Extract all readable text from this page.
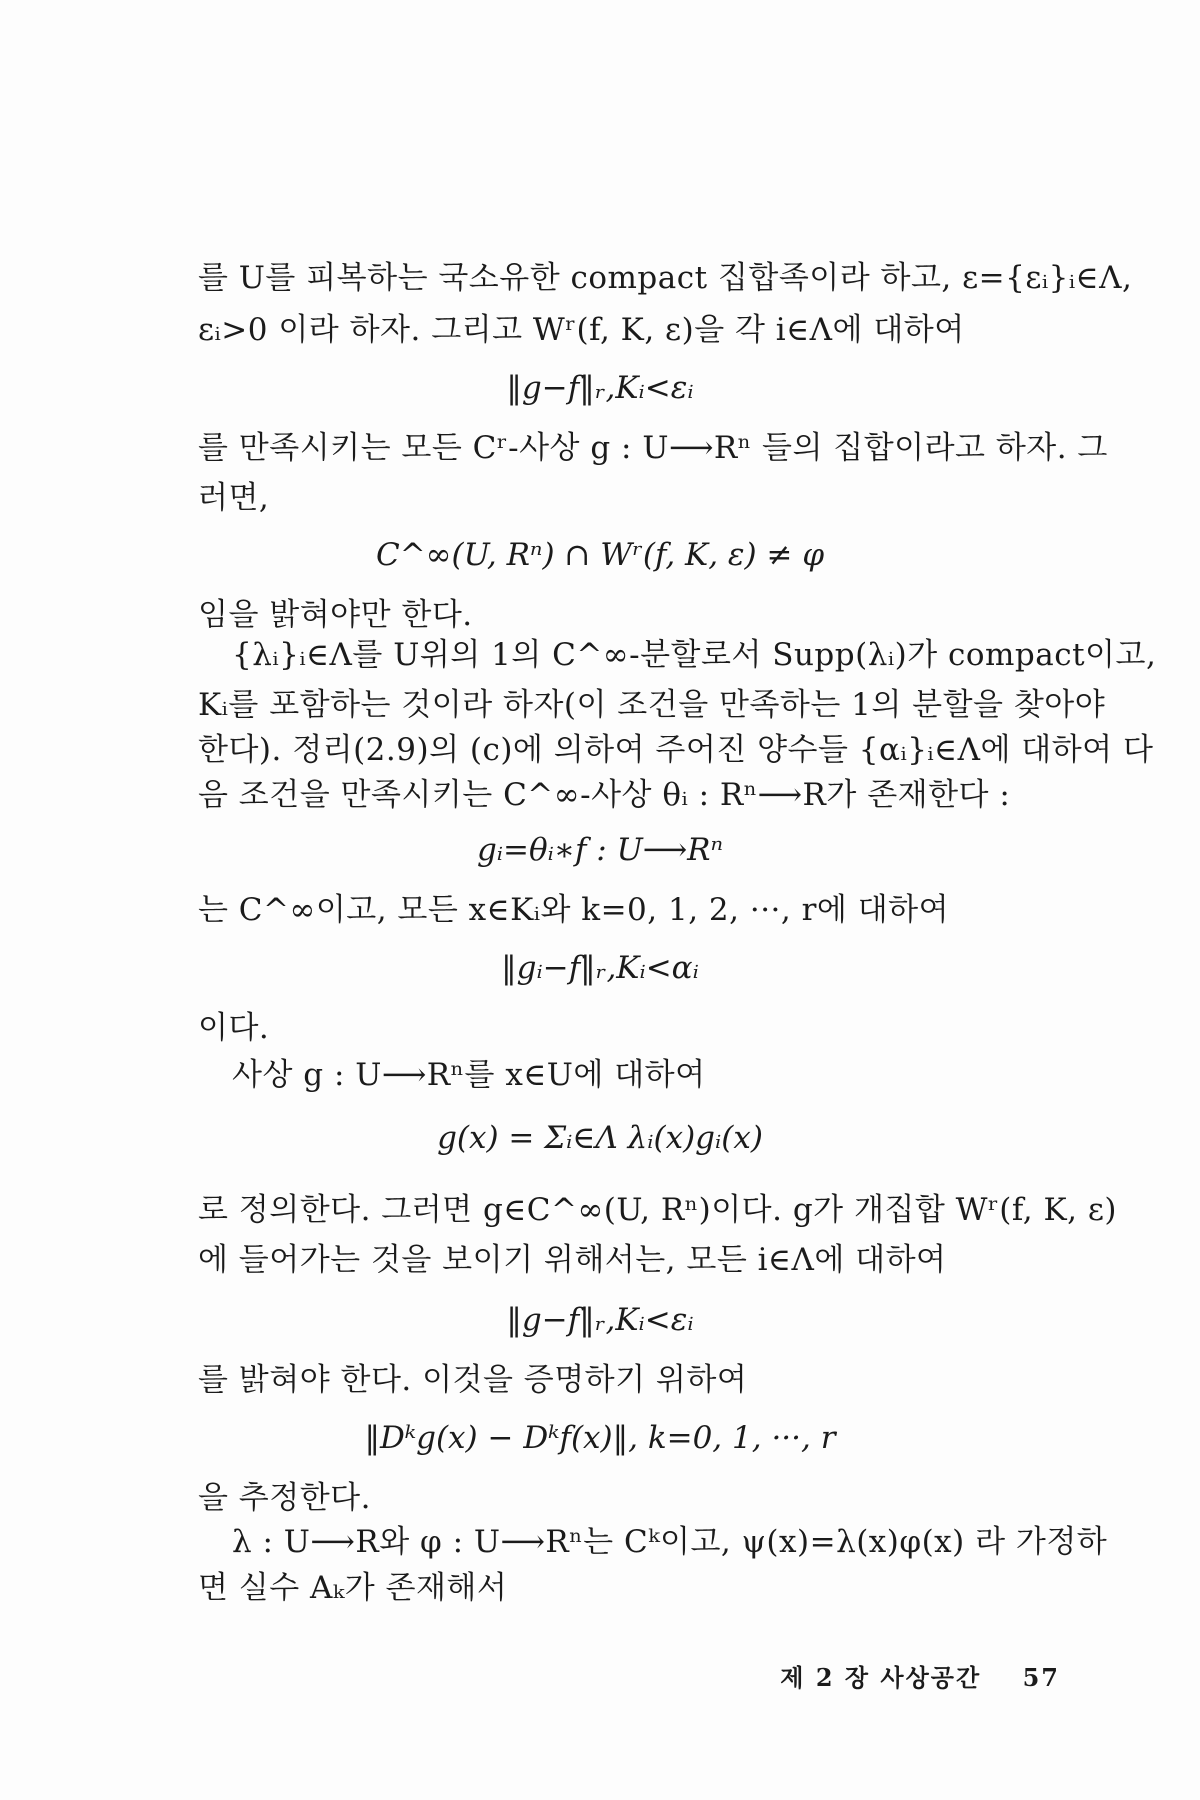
를 U를 피복하는 국소유한 compact 집합족이라 하고, ε={εᵢ}ᵢ∈Λ,
εᵢ>0 이라 하자. 그리고 Wʳ(f, K, ε)을 각 i∈Λ에 대하여
‖g−f‖ᵣ,Kᵢ<εᵢ
를 만족시키는 모든 Cʳ-사상 g : U⟶Rⁿ 들의 집합이라고 하자. 그
러면,
C^∞(U, Rⁿ) ∩ Wʳ(f, K, ε) ≠ φ
임을 밝혀야만 한다.
{λᵢ}ᵢ∈Λ를 U위의 1의 C^∞-분할로서 Supp(λᵢ)가 compact이고,
Kᵢ를 포함하는 것이라 하자(이 조건을 만족하는 1의 분할을 찾아야
한다). 정리(2.9)의 (c)에 의하여 주어진 양수들 {αᵢ}ᵢ∈Λ에 대하여 다
음 조건을 만족시키는 C^∞-사상 θᵢ : Rⁿ⟶R가 존재한다 :
gᵢ=θᵢ∗f : U⟶Rⁿ
는 C^∞이고, 모든 x∈Kᵢ와 k=0, 1, 2, ···, r에 대하여
‖gᵢ−f‖ᵣ,Kᵢ<αᵢ
이다.
사상 g : U⟶Rⁿ를 x∈U에 대하여
g(x) = Σᵢ∈Λ λᵢ(x)gᵢ(x)
로 정의한다. 그러면 g∈C^∞(U, Rⁿ)이다. g가 개집합 Wʳ(f, K, ε)
에 들어가는 것을 보이기 위해서는, 모든 i∈Λ에 대하여
‖g−f‖ᵣ,Kᵢ<εᵢ
를 밝혀야 한다. 이것을 증명하기 위하여
‖Dᵏg(x) − Dᵏf(x)‖, k=0, 1, ···, r
을 추정한다.
λ : U⟶R와 φ : U⟶Rⁿ는 Cᵏ이고, ψ(x)=λ(x)φ(x) 라 가정하
면 실수 Aₖ가 존재해서
제 2 장 사상공간 57
